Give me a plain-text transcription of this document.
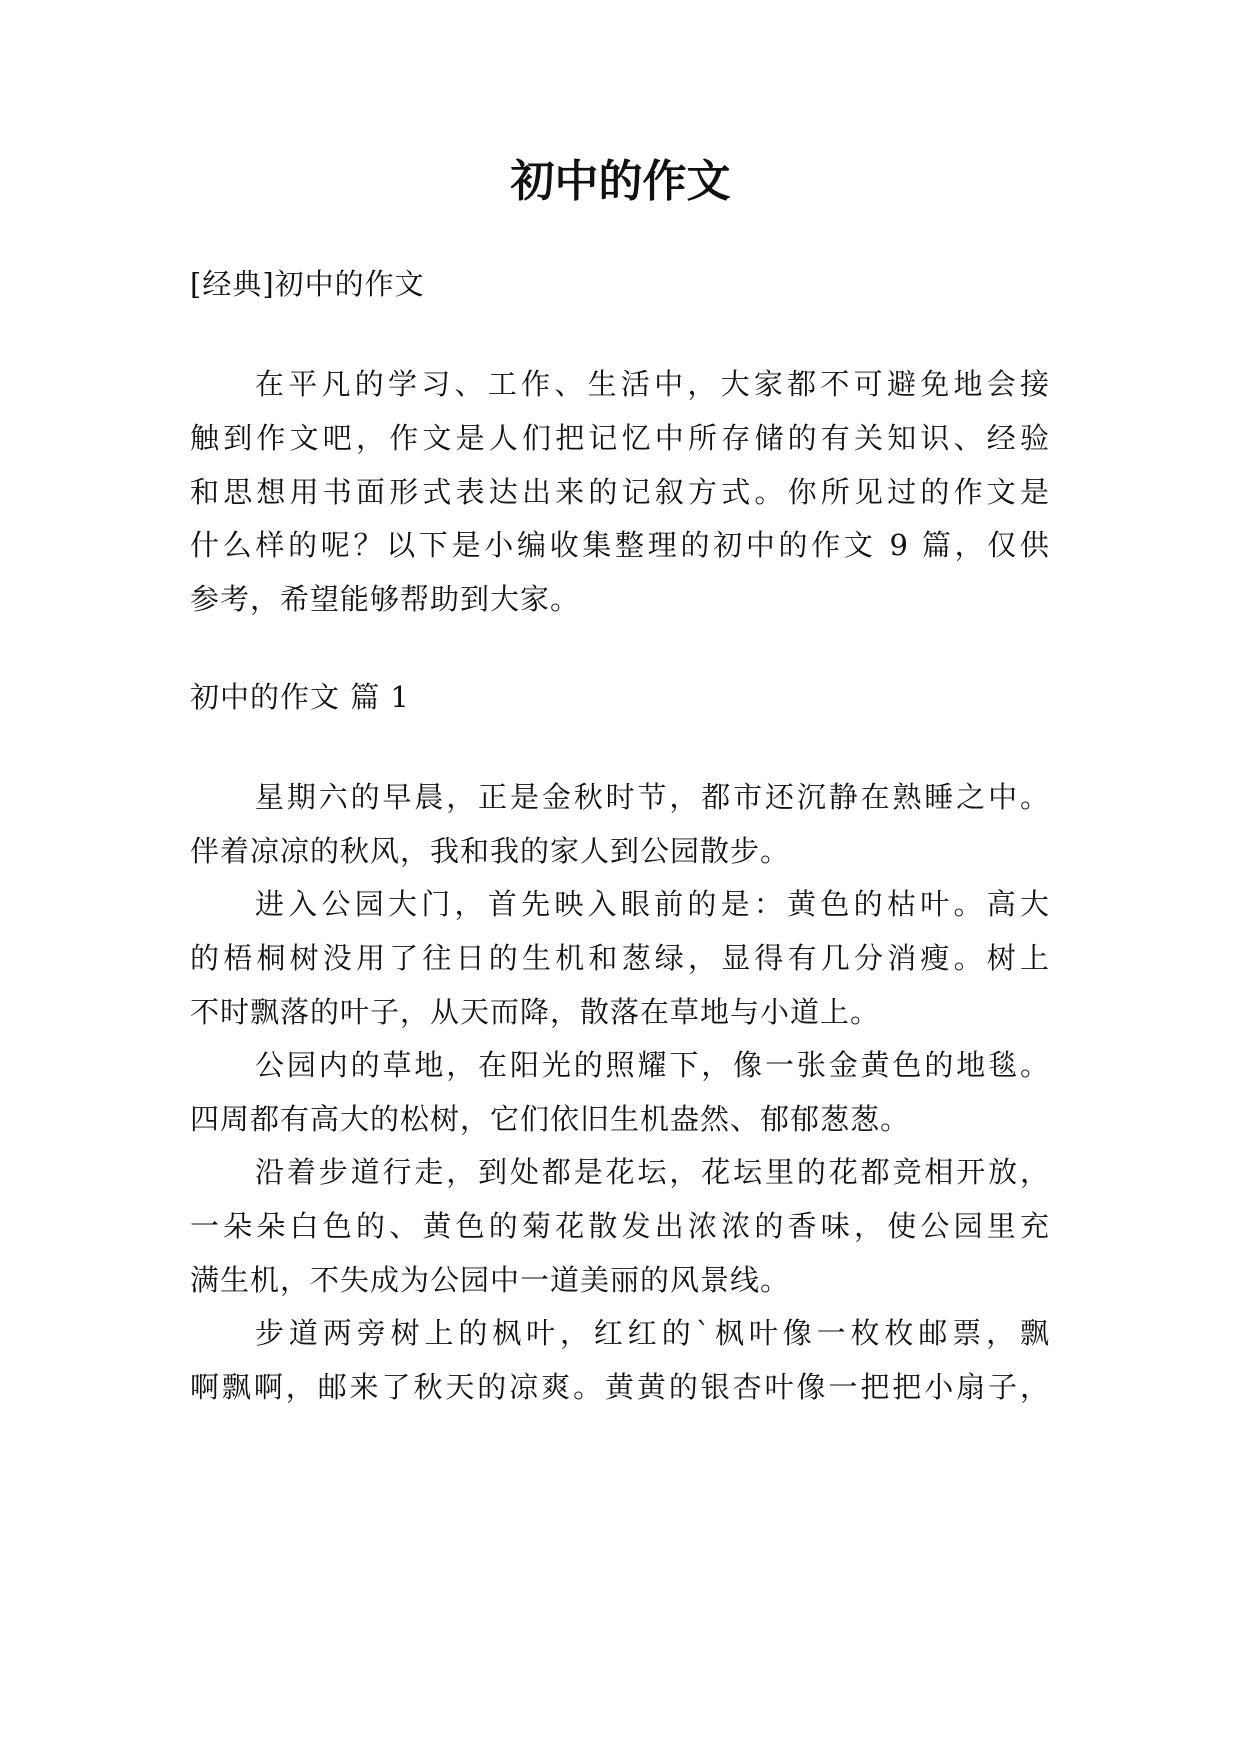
初中的作文

[经典]初中的作文

在平凡的学习、工作、生活中，大家都不可避免地会接

触到作文吧，作文是人们把记忆中所存储的有关知识、经验

和思想用书面形式表达出来的记叙方式。你所见过的作文是

什么样的呢？以下是小编收集整理的初中的作文 9 篇，仅供

参考，希望能够帮助到大家。

初中的作文 篇 1

星期六的早晨，正是金秋时节，都市还沉静在熟睡之中。

伴着凉凉的秋风，我和我的家人到公园散步。

进入公园大门，首先映入眼前的是：黄色的枯叶。高大

的梧桐树没用了往日的生机和葱绿，显得有几分消瘦。树上

不时飘落的叶子，从天而降，散落在草地与小道上。

公园内的草地，在阳光的照耀下，像一张金黄色的地毯。

四周都有高大的松树，它们依旧生机盎然、郁郁葱葱。

沿着步道行走，到处都是花坛，花坛里的花都竞相开放，

一朵朵白色的、黄色的菊花散发出浓浓的香味，使公园里充

满生机，不失成为公园中一道美丽的风景线。

步道两旁树上的枫叶，红红的`枫叶像一枚枚邮票，飘

啊飘啊，邮来了秋天的凉爽。黄黄的银杏叶像一把把小扇子，
